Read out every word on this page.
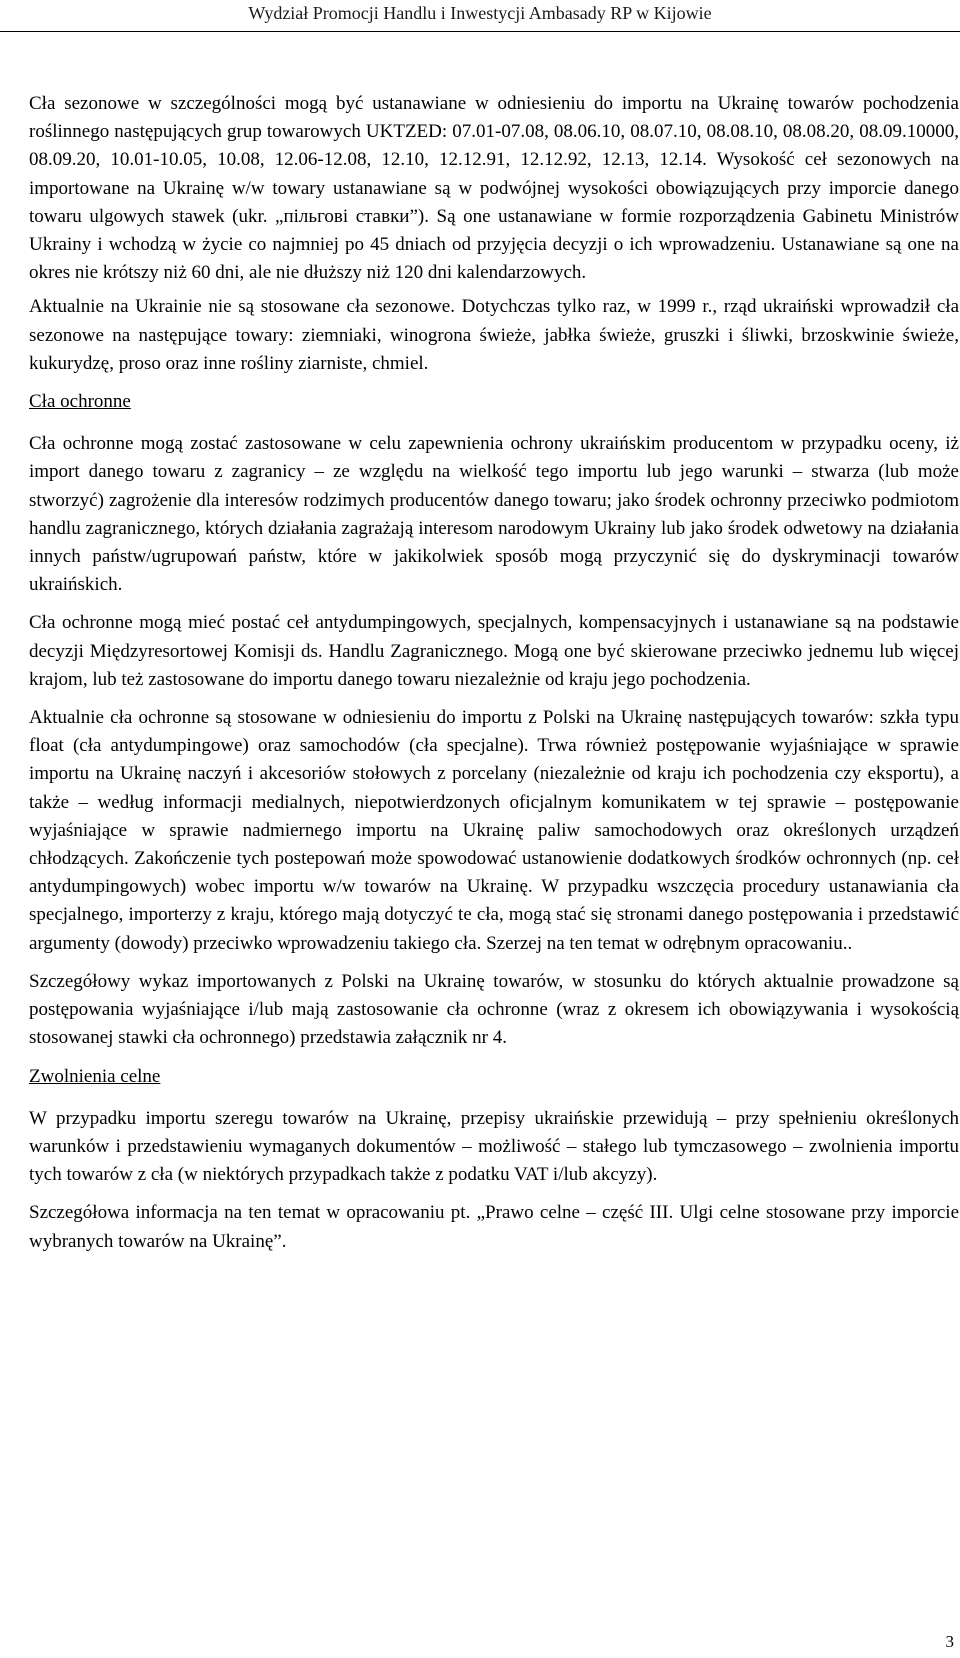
Wydział Promocji Handlu i Inwestycji Ambasady RP w Kijowie

Cła sezonowe w szczególności mogą być ustanawiane w odniesieniu do importu na Ukrainę towarów pochodzenia roślinnego następujących grup towarowych UKTZED: 07.01-07.08, 08.06.10, 08.07.10, 08.08.10, 08.08.20, 08.09.10000, 08.09.20, 10.01-10.05, 10.08, 12.06-12.08, 12.10, 12.12.91, 12.12.92, 12.13, 12.14. Wysokość ceł sezonowych na importowane na Ukrainę w/w towary ustanawiane są w podwójnej wysokości obowiązujących przy imporcie danego towaru ulgowych stawek (ukr. „пільгові ставки”). Są one ustanawiane w formie rozporządzenia Gabinetu Ministrów Ukrainy i wchodzą w życie co najmniej po 45 dniach od przyjęcia decyzji o ich wprowadzeniu. Ustanawiane są one na okres nie krótszy niż 60 dni, ale nie dłuższy niż 120 dni kalendarzowych.

Aktualnie na Ukrainie nie są stosowane cła sezonowe. Dotychczas tylko raz, w 1999 r., rząd ukraiński wprowadził cła sezonowe na następujące towary: ziemniaki, winogrona świeże, jabłka świeże, gruszki i śliwki, brzoskwinie świeże, kukurydzę, proso oraz inne rośliny ziarniste, chmiel.

Cła ochronne

Cła ochronne mogą zostać zastosowane w celu zapewnienia ochrony ukraińskim producentom w przypadku oceny, iż import danego towaru z zagranicy – ze względu na wielkość tego importu lub jego warunki – stwarza (lub może stworzyć) zagrożenie dla interesów rodzimych producentów danego towaru; jako środek ochronny przeciwko podmiotom handlu zagranicznego, których działania zagrażają interesom narodowym Ukrainy lub jako środek odwetowy na działania innych państw/ugrupowań państw, które w jakikolwiek sposób mogą przyczynić się do dyskryminacji towarów ukraińskich.

Cła ochronne mogą mieć postać ceł antydumpingowych, specjalnych, kompensacyjnych i ustanawiane są na podstawie decyzji Międzyresortowej Komisji ds. Handlu Zagranicznego. Mogą one być skierowane przeciwko jednemu lub więcej krajom, lub też zastosowane do importu danego towaru niezależnie od kraju jego pochodzenia.

Aktualnie cła ochronne są stosowane w odniesieniu do importu z Polski na Ukrainę następujących towarów: szkła typu float (cła antydumpingowe) oraz samochodów (cła specjalne). Trwa również postępowanie wyjaśniające w sprawie importu na Ukrainę naczyń i akcesoriów stołowych z porcelany (niezależnie od kraju ich pochodzenia czy eksportu), a także – według informacji medialnych, niepotwierdzonych oficjalnym komunikatem w tej sprawie – postępowanie wyjaśniające w sprawie nadmiernego importu na Ukrainę paliw samochodowych oraz określonych urządzeń chłodzących. Zakończenie tych postepowań może spowodować ustanowienie dodatkowych środków ochronnych (np. ceł antydumpingowych) wobec importu w/w towarów na Ukrainę. W przypadku wszczęcia procedury ustanawiania cła specjalnego, importerzy z kraju, którego mają dotyczyć te cła, mogą stać się stronami danego postępowania i przedstawić argumenty (dowody) przeciwko wprowadzeniu takiego cła. Szerzej na ten temat w odrębnym opracowaniu..

Szczegółowy wykaz importowanych z Polski na Ukrainę towarów, w stosunku do których aktualnie prowadzone są postępowania wyjaśniające i/lub mają zastosowanie cła ochronne (wraz z okresem ich obowiązywania i wysokością stosowanej stawki cła ochronnego) przedstawia załącznik nr 4.

Zwolnienia celne

W przypadku importu szeregu towarów na Ukrainę, przepisy ukraińskie przewidują – przy spełnieniu określonych warunków i przedstawieniu wymaganych dokumentów – możliwość – stałego lub tymczasowego – zwolnienia importu tych towarów z cła (w niektórych przypadkach także z podatku VAT i/lub akcyzy).

Szczegółowa informacja na ten temat w opracowaniu pt. „Prawo celne – część III. Ulgi celne stosowane przy imporcie wybranych towarów na Ukrainę”.

3
